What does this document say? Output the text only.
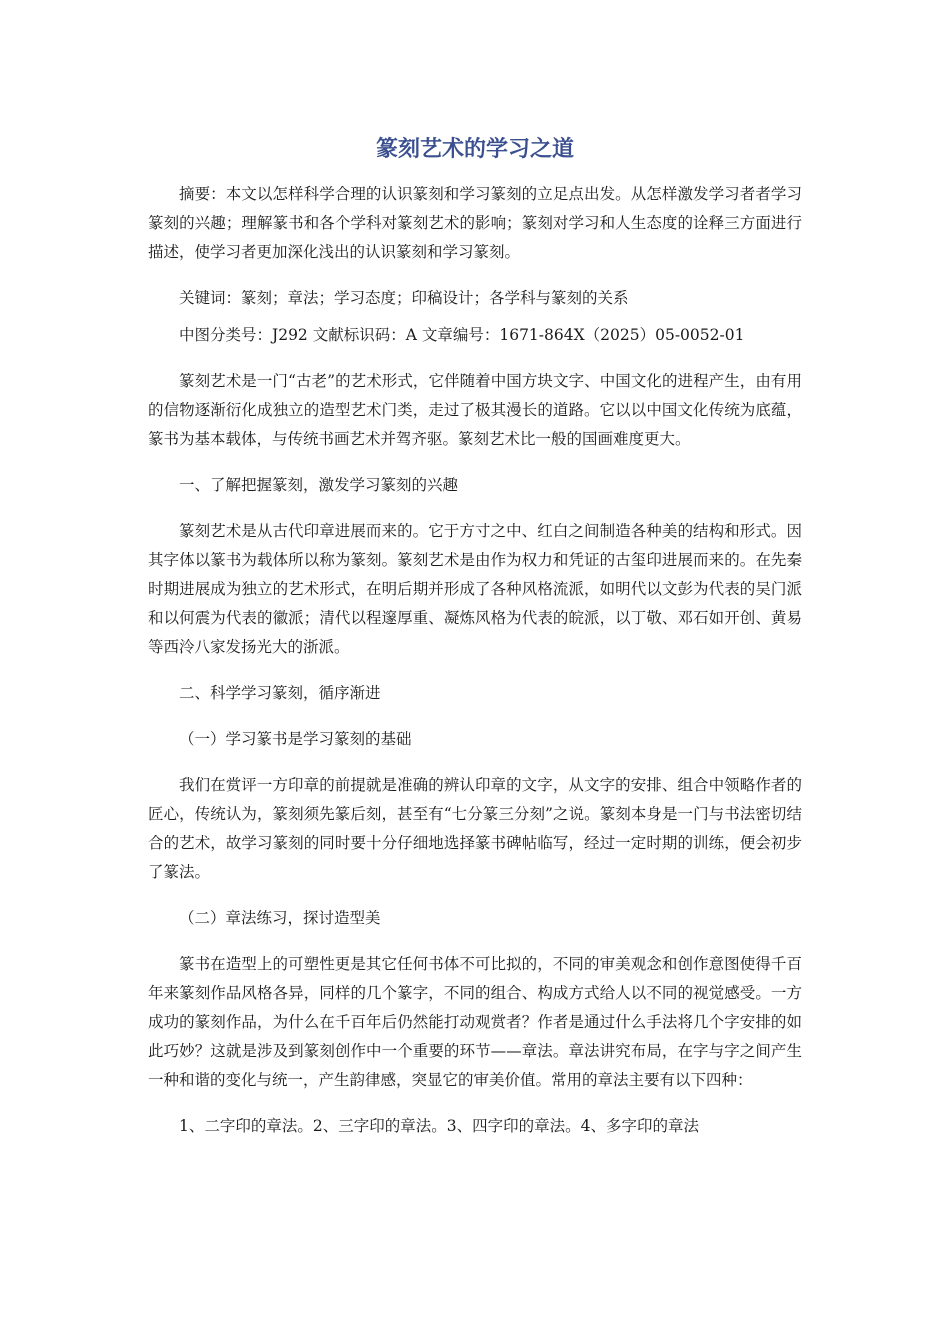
篆刻艺术的学习之道

摘要：本文以怎样科学合理的认识篆刻和学习篆刻的立足点出发。从怎样激发学习者者学习篆刻的兴趣；理解篆书和各个学科对篆刻艺术的影响；篆刻对学习和人生态度的诠释三方面进行描述，使学习者更加深化浅出的认识篆刻和学习篆刻。

关键词：篆刻；章法；学习态度；印稿设计；各学科与篆刻的关系

中图分类号：J292 文献标识码：A 文章编号：1671-864X（2025）05-0052-01

篆刻艺术是一门“古老”的艺术形式，它伴随着中国方块文字、中国文化的进程产生，由有用的信物逐渐衍化成独立的造型艺术门类，走过了极其漫长的道路。它以以中国文化传统为底蕴，篆书为基本载体，与传统书画艺术并驾齐驱。篆刻艺术比一般的国画难度更大。

一、了解把握篆刻，激发学习篆刻的兴趣

篆刻艺术是从古代印章进展而来的。它于方寸之中、红白之间制造各种美的结构和形式。因其字体以篆书为载体所以称为篆刻。篆刻艺术是由作为权力和凭证的古玺印进展而来的。在先秦时期进展成为独立的艺术形式，在明后期并形成了各种风格流派，如明代以文彭为代表的吴门派和以何震为代表的徽派；清代以程邃厚重、凝炼风格为代表的皖派，以丁敬、邓石如开创、黄易等西泠八家发扬光大的浙派。

二、科学学习篆刻，循序渐进

（一）学习篆书是学习篆刻的基础

我们在赏评一方印章的前提就是准确的辨认印章的文字，从文字的安排、组合中领略作者的匠心，传统认为，篆刻须先篆后刻，甚至有“七分篆三分刻”之说。篆刻本身是一门与书法密切结合的艺术，故学习篆刻的同时要十分仔细地选择篆书碑帖临写，经过一定时期的训练，便会初步了篆法。

（二）章法练习，探讨造型美

篆书在造型上的可塑性更是其它任何书体不可比拟的，不同的审美观念和创作意图使得千百年来篆刻作品风格各异，同样的几个篆字，不同的组合、构成方式给人以不同的视觉感受。一方成功的篆刻作品，为什么在千百年后仍然能打动观赏者？作者是通过什么手法将几个字安排的如此巧妙？这就是涉及到篆刻创作中一个重要的环节——章法。章法讲究布局，在字与字之间产生一种和谐的变化与统一，产生韵律感，突显它的审美价值。常用的章法主要有以下四种：

1、二字印的章法。2、三字印的章法。3、四字印的章法。4、多字印的章法
